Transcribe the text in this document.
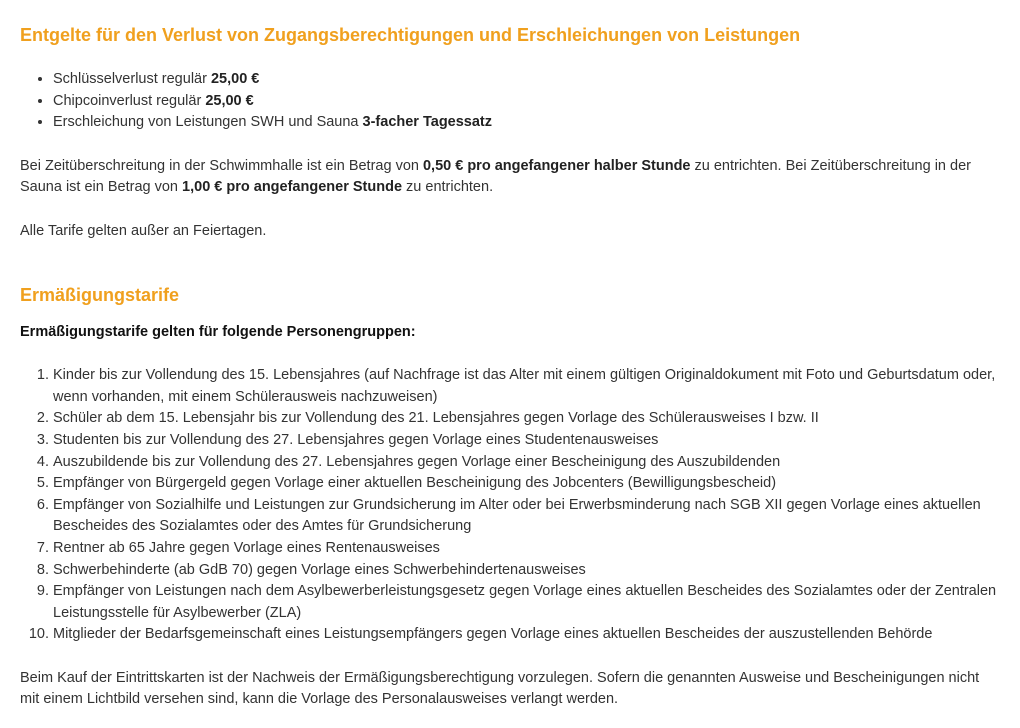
Entgelte für den Verlust von Zugangsberechtigungen und Erschleichungen von Leistungen
• Schlüsselverlust regulär 25,00 €
• Chipcoinverlust regulär 25,00 €
• Erschleichung von Leistungen SWH und Sauna 3-facher Tagessatz

Bei Zeitüberschreitung in der Schwimmhalle ist ein Betrag von 0,50 € pro angefangener halber Stunde zu entrichten. Bei Zeitüberschreitung in der Sauna ist ein Betrag von 1,00 € pro angefangener Stunde zu entrichten.

Alle Tarife gelten außer an Feiertagen.

Ermäßigungstarife

Ermäßigungstarife gelten für folgende Personengruppen:

1. Kinder bis zur Vollendung des 15. Lebensjahres (auf Nachfrage ist das Alter mit einem gültigen Originaldokument mit Foto und Geburtsdatum oder, wenn vorhanden, mit einem Schülerausweis nachzuweisen)
2. Schüler ab dem 15. Lebensjahr bis zur Vollendung des 21. Lebensjahres gegen Vorlage des Schülerausweises I bzw. II
3. Studenten bis zur Vollendung des 27. Lebensjahres gegen Vorlage eines Studentenausweises
4. Auszubildende bis zur Vollendung des 27. Lebensjahres gegen Vorlage einer Bescheinigung des Auszubildenden
5. Empfänger von Bürgergeld gegen Vorlage einer aktuellen Bescheinigung des Jobcenters (Bewilligungsbescheid)
6. Empfänger von Sozialhilfe und Leistungen zur Grundsicherung im Alter oder bei Erwerbsminderung nach SGB XII gegen Vorlage eines aktuellen Bescheides des Sozialamtes oder des Amtes für Grundsicherung
7. Rentner ab 65 Jahre gegen Vorlage eines Rentenausweises
8. Schwerbehinderte (ab GdB 70) gegen Vorlage eines Schwerbehindertenausweises
9. Empfänger von Leistungen nach dem Asylbewerberleistungsgesetz gegen Vorlage eines aktuellen Bescheides des Sozialamtes oder der Zentralen Leistungsstelle für Asylbewerber (ZLA)
10. Mitglieder der Bedarfsgemeinschaft eines Leistungsempfängers gegen Vorlage eines aktuellen Bescheides der auszustellenden Behörde

Beim Kauf der Eintrittskarten ist der Nachweis der Ermäßigungsberechtigung vorzulegen. Sofern die genannten Ausweise und Bescheinigungen nicht mit einem Lichtbild versehen sind, kann die Vorlage des Personalausweises verlangt werden.
